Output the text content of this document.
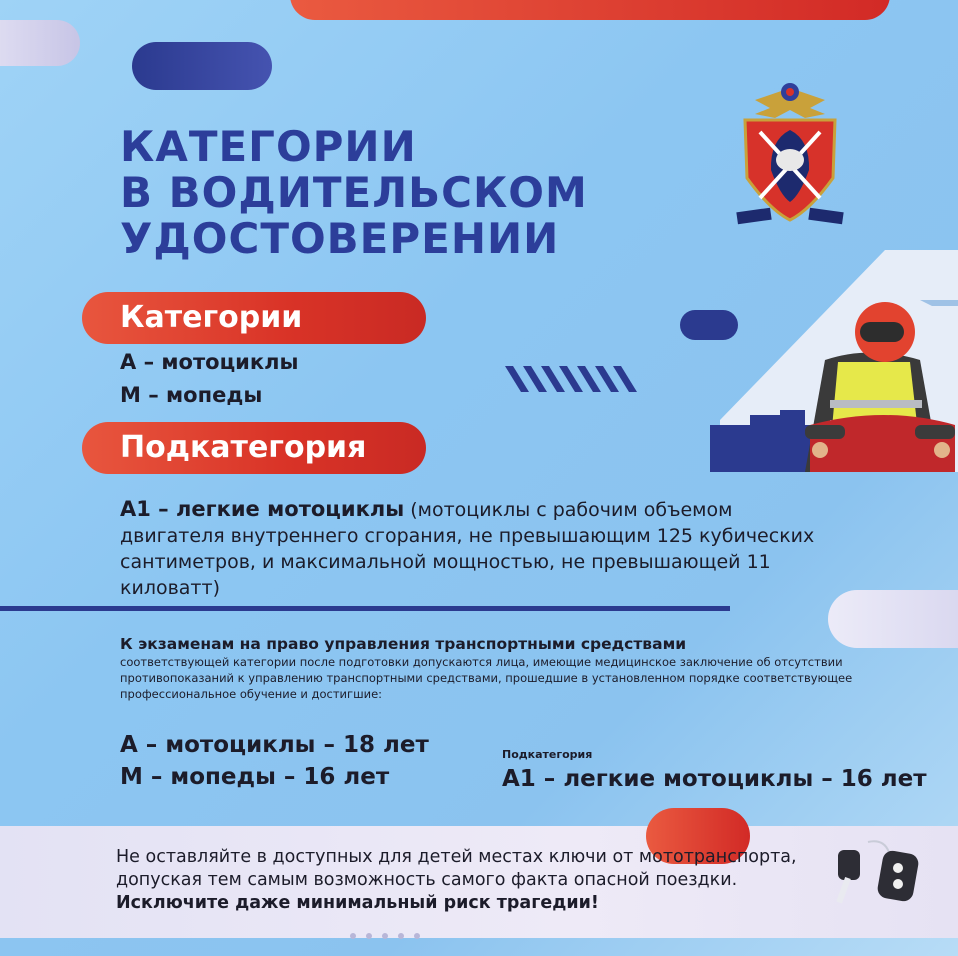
КАТЕГОРИИ
В ВОДИТЕЛЬСКОМ
УДОСТОВЕРЕНИИ
Категории
А – мотоциклы
М – мопеды
Подкатегория
А1 – легкие мотоциклы (мотоциклы с рабочим объемом двигателя внутреннего сгорания, не превышающим 125 кубических сантиметров, и максимальной мощностью, не превышающей 11 киловатт)
К экзаменам на право управления транспортными средствами
соответствующей категории после подготовки допускаются лица, имеющие медицинское заключение об отсутствии противопоказаний к управлению транспортными средствами, прошедшие в установленном порядке соответствующее профессиональное обучение и достигшие:
А – мотоциклы – 18 лет
М – мопеды – 16 лет
Подкатегория
А1 – легкие мотоциклы – 16 лет
Не оставляйте в доступных для детей местах ключи от мототранспорта, допуская тем самым возможность самого факта опасной поездки. Исключите даже минимальный риск трагедии!
